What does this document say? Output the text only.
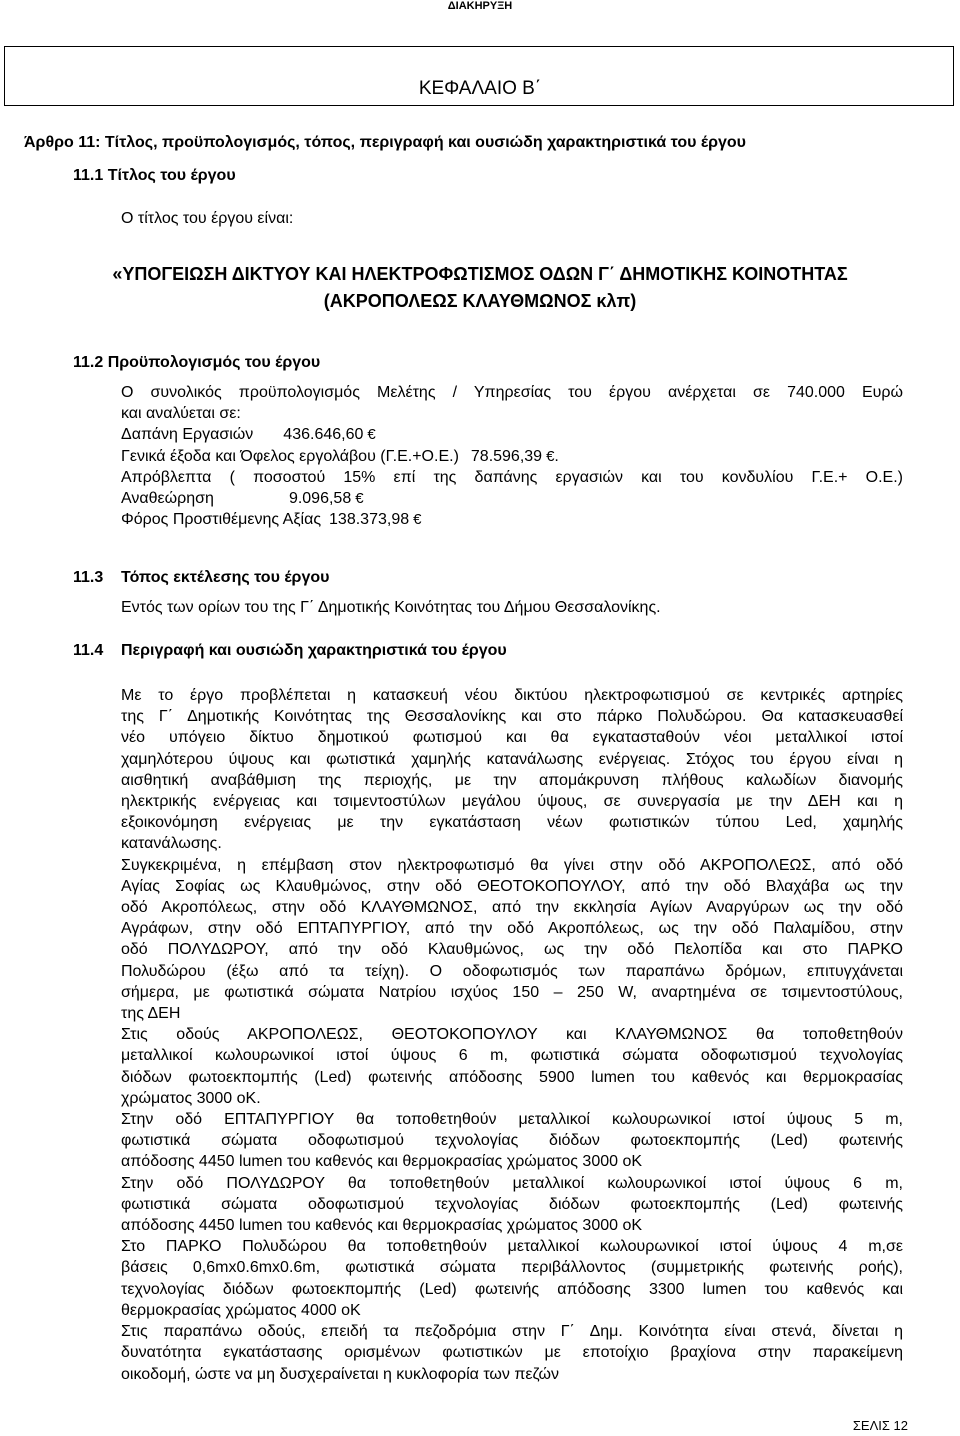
ΔΙΑΚΗΡΥΞΗ
ΚΕΦΑΛΑΙΟ Β΄
Άρθρο 11: Τίτλος, προϋπολογισμός, τόπος, περιγραφή και ουσιώδη χαρακτηριστικά του έργου
11.1 Τίτλος του έργου
Ο τίτλος του έργου είναι:
«ΥΠΟΓΕΙΩΣΗ ΔΙΚΤΥΟΥ ΚΑΙ ΗΛΕΚΤΡΟΦΩΤΙΣΜΟΣ ΟΔΩΝ Γ΄ ΔΗΜΟΤΙΚΗΣ ΚΟΙΝΟΤΗΤΑΣ
(ΑΚΡΟΠΟΛΕΩΣ ΚΛΑΥΘΜΩΝΟΣ κλπ)
11.2 Προϋπολογισμός του έργου
Ο συνολικός προϋπολογισμός Μελέτης / Υπηρεσίας του έργου ανέρχεται σε 740.000 Ευρώ
και αναλύεται σε:
Δαπάνη Εργασιών 436.646,60 €
Γενικά έξοδα και Όφελος εργολάβου (Γ.Ε.+Ο.Ε.) 78.596,39 €.
Απρόβλεπτα ( ποσοστού 15% επί της δαπάνης εργασιών και του κονδυλίου Γ.Ε.+ Ο.Ε.)
Αναθεώρηση	9.096,58 €
Φόρος Προστιθέμενης Αξίας 138.373,98 €
11.3 Τόπος εκτέλεσης του έργου
Εντός των ορίων του της Γ΄ Δημοτικής Κοινότητας του Δήμου Θεσσαλονίκης.
11.4 Περιγραφή και ουσιώδη χαρακτηριστικά του έργου
Με το έργο προβλέπεται η κατασκευή νέου δικτύου ηλεκτροφωτισμού σε κεντρικές αρτηρίες
της Γ΄ Δημοτικής Κοινότητας της Θεσσαλονίκης και στο πάρκο Πολυδώρου. Θα κατασκευασθεί
νέο υπόγειο δίκτυο δημοτικού φωτισμού και θα εγκατασταθούν νέοι μεταλλικοί ιστοί
χαμηλότερου ύψους και φωτιστικά χαμηλής κατανάλωσης ενέργειας. Στόχος του έργου είναι η
αισθητική αναβάθμιση της περιοχής, με την απομάκρυνση πλήθους καλωδίων διανομής
ηλεκτρικής ενέργειας και τσιμεντοστύλων μεγάλου ύψους, σε συνεργασία με την ΔΕΗ και η
εξοικονόμηση ενέργειας με την εγκατάσταση νέων φωτιστικών τύπου Led, χαμηλής
κατανάλωσης.
Συγκεκριμένα, η επέμβαση στον ηλεκτροφωτισμό θα γίνει στην οδό ΑΚΡΟΠΟΛΕΩΣ, από οδό
Αγίας Σοφίας ως Κλαυθμώνος, στην οδό ΘΕΟΤΟΚΟΠΟΥΛΟΥ, από την οδό Βλαχάβα ως την
οδό Ακροπόλεως, στην οδό ΚΛΑΥΘΜΩΝΟΣ, από την εκκλησία Αγίων Αναργύρων ως την οδό
Αγράφων, στην οδό ΕΠΤΑΠΥΡΓΙΟΥ, από την οδό Ακροπόλεως, ως την οδό Παλαμίδου, στην
οδό ΠΟΛΥΔΩΡΟΥ, από την οδό Κλαυθμώνος, ως την οδό Πελοπίδα και στο ΠΑΡΚΟ
Πολυδώρου (έξω από τα τείχη). Ο οδοφωτισμός των παραπάνω δρόμων, επιτυγχάνεται
σήμερα, με φωτιστικά σώματα Νατρίου ισχύος 150 – 250 W, αναρτημένα σε τσιμεντοστύλους,
της ΔΕΗ
Στις οδούς ΑΚΡΟΠΟΛΕΩΣ, ΘΕΟΤΟΚΟΠΟΥΛΟΥ και ΚΛΑΥΘΜΩΝΟΣ θα τοποθετηθούν
μεταλλικοί κωλουρωνικοί ιστοί ύψους 6 m, φωτιστικά σώματα οδοφωτισμού τεχνολογίας
διόδων φωτοεκπομπής (Led) φωτεινής απόδοσης 5900 lumen του καθενός και θερμοκρασίας
χρώματος 3000 oK.
Στην οδό ΕΠΤΑΠΥΡΓΙΟΥ θα τοποθετηθούν μεταλλικοί κωλουρωνικοί ιστοί ύψους 5 m,
φωτιστικά σώματα οδοφωτισμού τεχνολογίας διόδων φωτοεκπομπής (Led) φωτεινής
απόδοσης 4450 lumen του καθενός και θερμοκρασίας χρώματος 3000 oK
Στην οδό ΠΟΛΥΔΩΡΟΥ θα τοποθετηθούν μεταλλικοί κωλουρωνικοί ιστοί ύψους 6 m,
φωτιστικά σώματα οδοφωτισμού τεχνολογίας διόδων φωτοεκπομπής (Led) φωτεινής
απόδοσης 4450 lumen του καθενός και θερμοκρασίας χρώματος 3000 oK
Στο ΠΑΡΚΟ Πολυδώρου θα τοποθετηθούν μεταλλικοί κωλουρωνικοί ιστοί ύψους 4 m,σε
βάσεις 0,6mx0.6mx0.6m, φωτιστικά σώματα περιβάλλοντος (συμμετρικής φωτεινής ροής),
τεχνολογίας διόδων φωτοεκπομπής (Led) φωτεινής απόδοσης 3300 lumen του καθενός και
θερμοκρασίας χρώματος 4000 oK
Στις παραπάνω οδούς, επειδή τα πεζοδρόμια στην Γ΄ Δημ. Κοινότητα είναι στενά, δίνεται η
δυνατότητα εγκατάστασης ορισμένων φωτιστικών με εποτοίχιο βραχίονα στην παρακείμενη
οικοδομή, ώστε να μη δυσχεραίνεται η κυκλοφορία των πεζών
ΣΕΛΙΣ 12
